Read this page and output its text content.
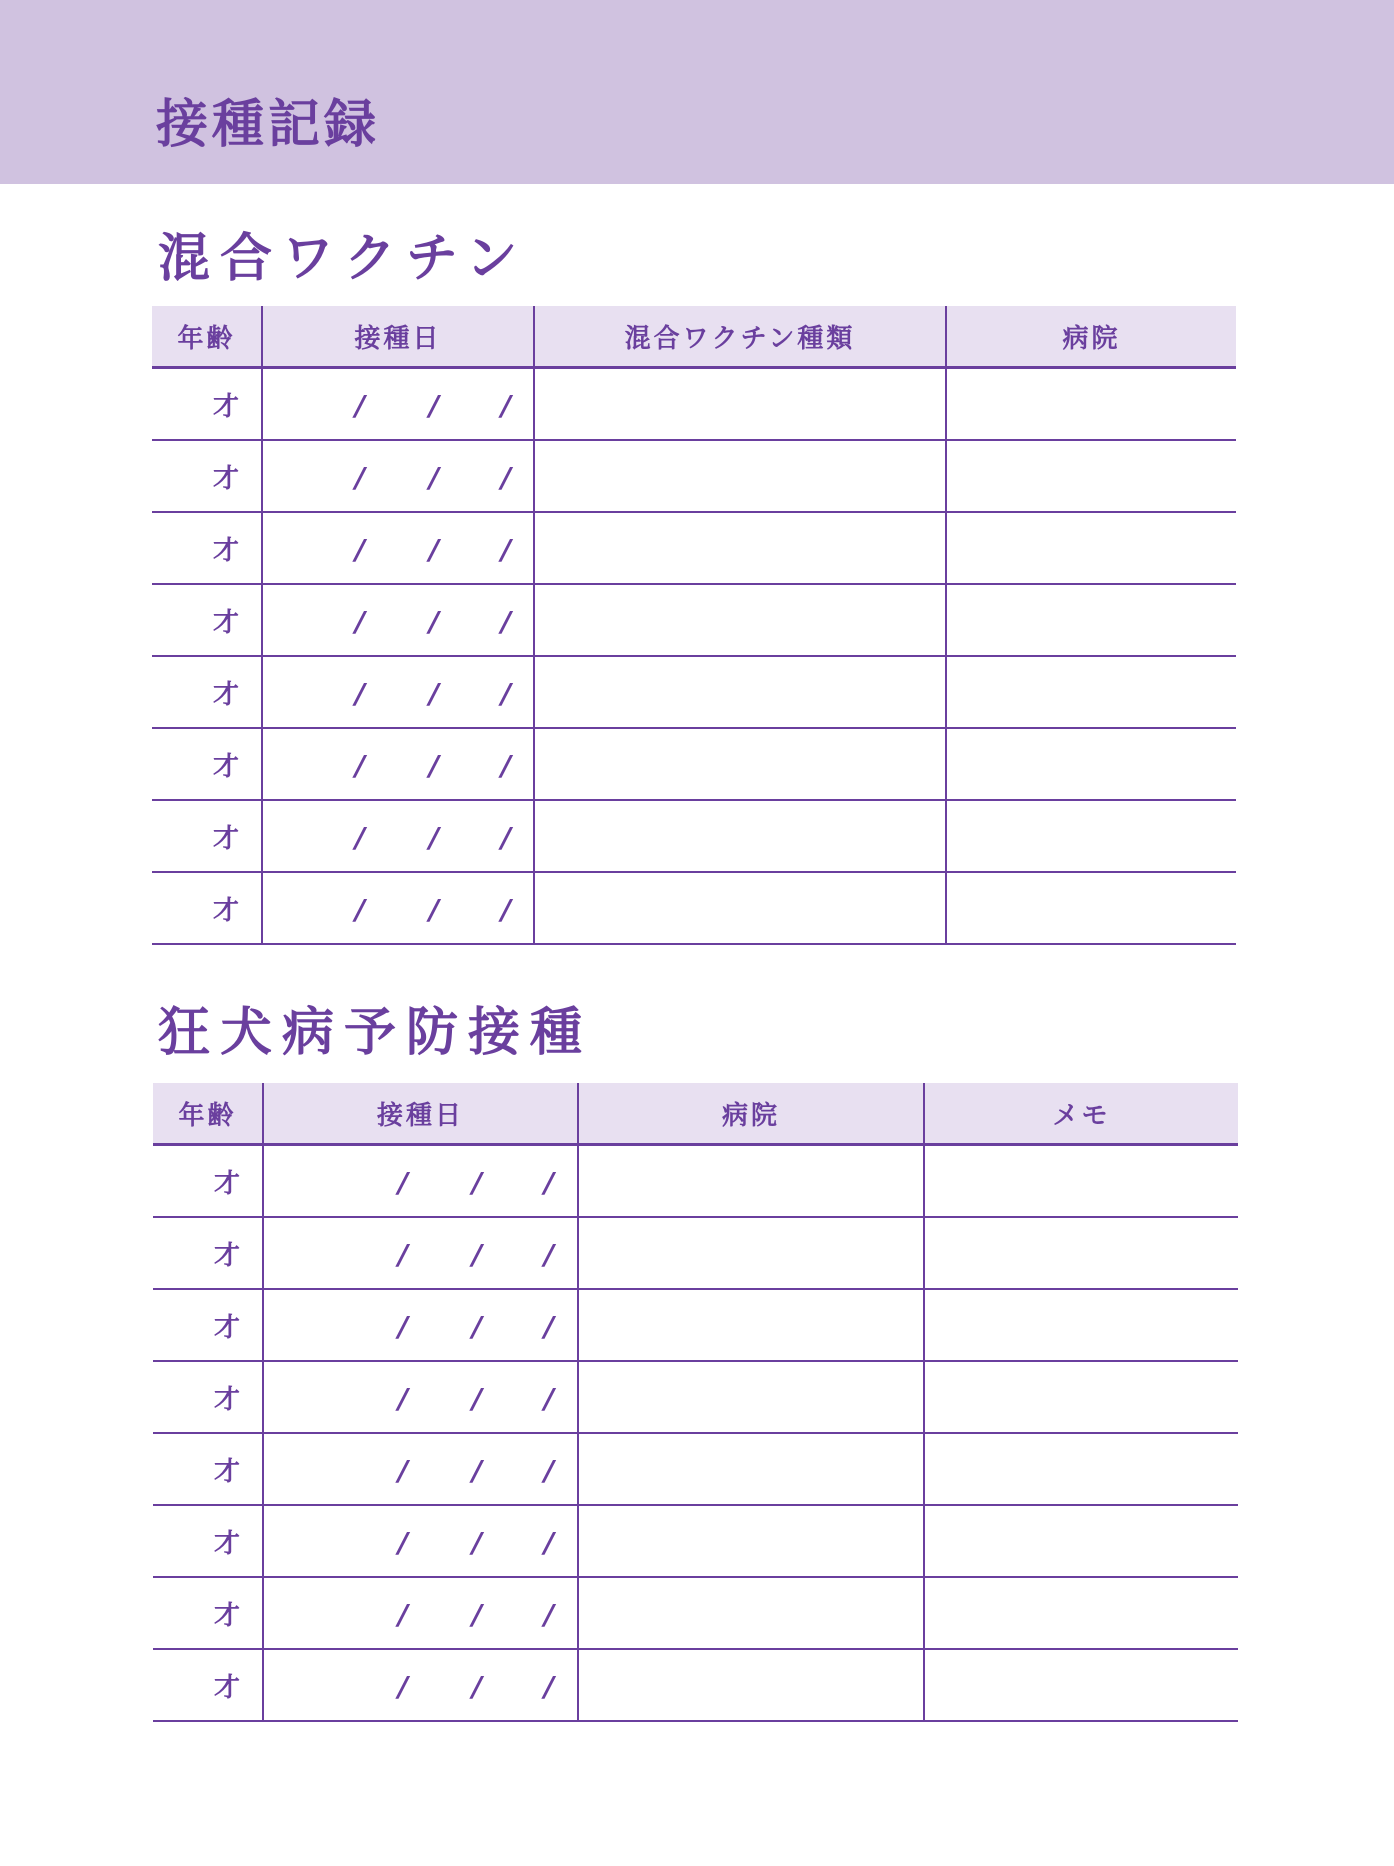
接種記録
混合ワクチン
年齢	接種日	混合ワクチン種類	病院
才	/ / /		

才	/ / /		

才	/ / /		

才	/ / /		

才	/ / /		

才	/ / /		

才	/ / /		

才	/ / /		

狂犬病予防接種
年齢	接種日	病院	メモ
才	/ / /		

才	/ / /		

才	/ / /		

才	/ / /		

才	/ / /		

才	/ / /		

才	/ / /		

才	/ / /		
